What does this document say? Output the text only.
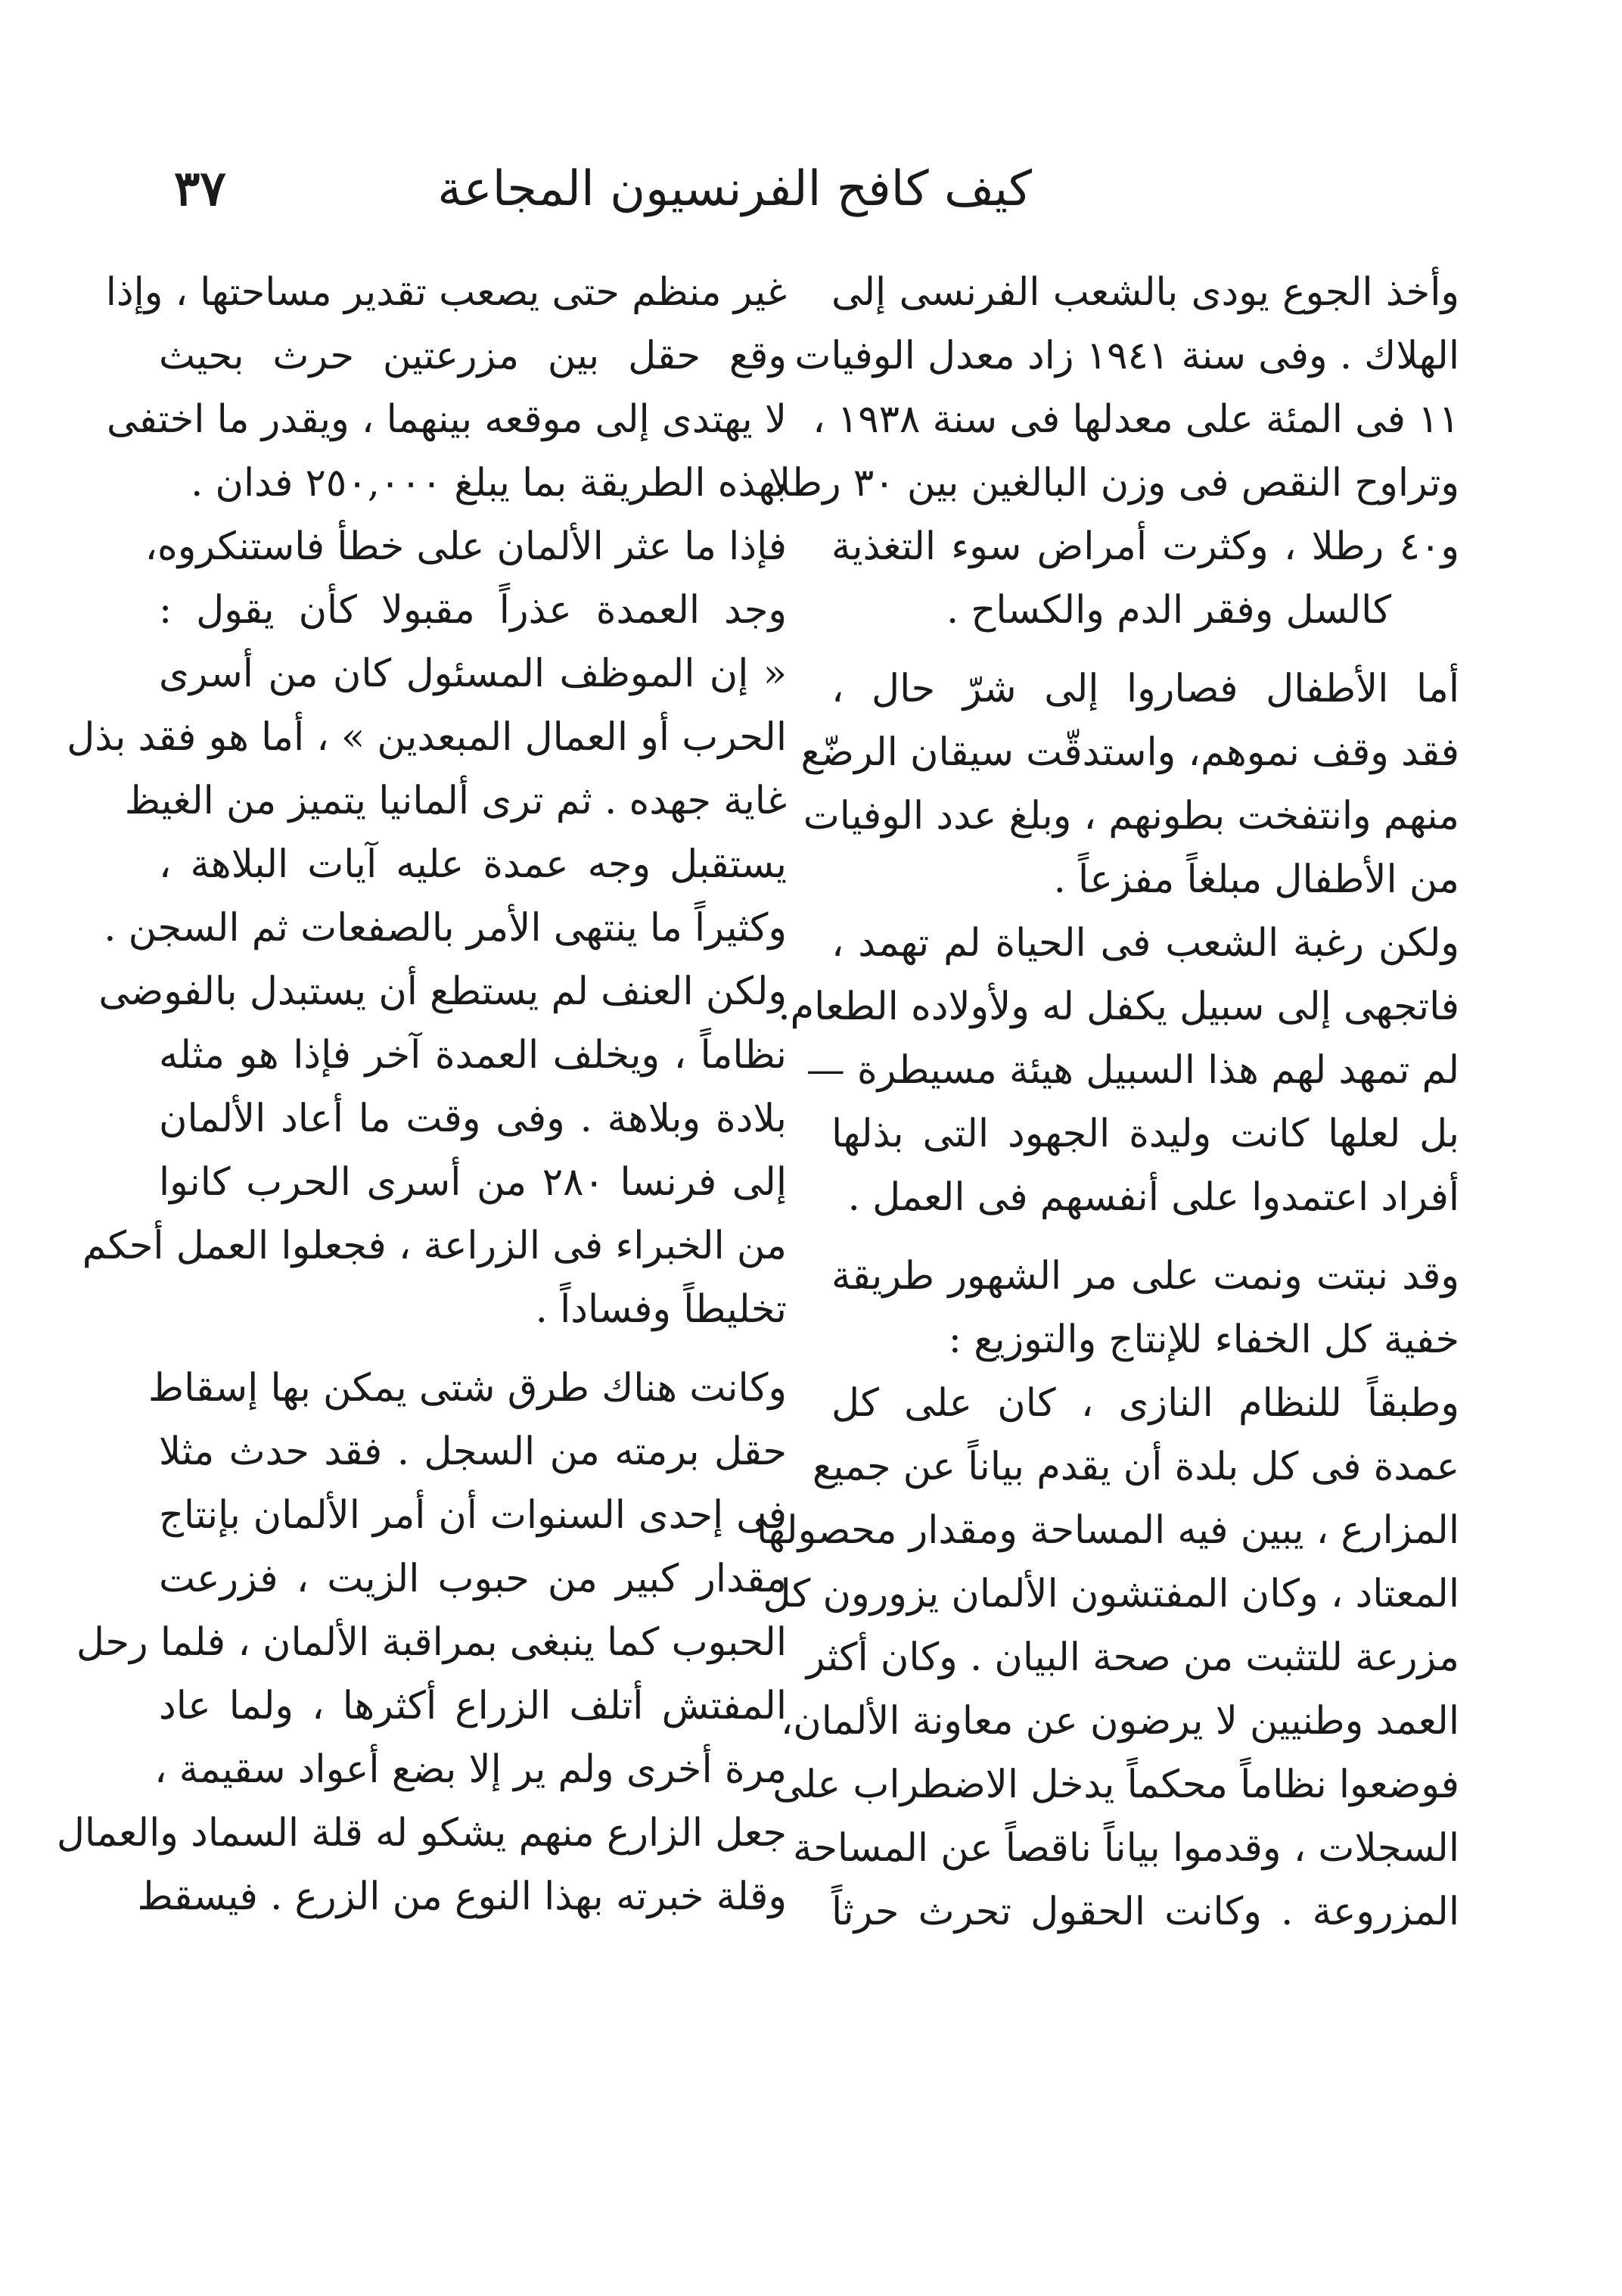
كيف كافح الفرنسيون المجاعة
٣٧
وأخذ الجوع يودى بالشعب الفرنسى إلى
الهلاك . وفى سنة ١٩٤١ زاد معدل الوفيات
١١ فى المئة على معدلها فى سنة ١٩٣٨ ،
وتراوح النقص فى وزن البالغين بين ٣٠ رطلا
و٤٠ رطلا ، وكثرت أمراض سوء التغذية
كالسل وفقر الدم والكساح .
أما الأطفال فصاروا إلى شرّ حال ،
فقد وقف نموهم، واستدقّت سيقان الرضّع
منهم وانتفخت بطونهم ، وبلغ عدد الوفيات
من الأطفال مبلغاً مفزعاً .
ولكن رغبة الشعب فى الحياة لم تهمد ،
فاتجهى إلى سبيل يكفل له ولأولاده الطعام.
لم تمهد لهم هذا السبيل هيئة مسيطرة —
بل لعلها كانت وليدة الجهود التى بذلها
أفراد اعتمدوا على أنفسهم فى العمل .
وقد نبتت ونمت على مر الشهور طريقة
خفية كل الخفاء للإنتاج والتوزيع :
وطبقاً للنظام النازى ، كان على كل
عمدة فى كل بلدة أن يقدم بياناً عن جميع
المزارع ، يبين فيه المساحة ومقدار محصولها
المعتاد ، وكان المفتشون الألمان يزورون كل
مزرعة للتثبت من صحة البيان . وكان أكثر
العمد وطنيين لا يرضون عن معاونة الألمان،
فوضعوا نظاماً محكماً يدخل الاضطراب على
السجلات ، وقدموا بياناً ناقصاً عن المساحة
المزروعة . وكانت الحقول تحرث حرثاً
غير منظم حتى يصعب تقدير مساحتها ، وإذا
وقع حقل بين مزرعتين حرث بحيث
لا يهتدى إلى موقعه بينهما ، ويقدر ما اختفى
بهذه الطريقة بما يبلغ ٢٥٠,٠٠٠ فدان .
فإذا ما عثر الألمان على خطأ فاستنكروه،
وجد العمدة عذراً مقبولا كأن يقول :
« إن الموظف المسئول كان من أسرى
الحرب أو العمال المبعدين » ، أما هو فقد بذل
غاية جهده . ثم ترى ألمانيا يتميز من الغيظ
يستقبل وجه عمدة عليه آيات البلاهة ،
وكثيراً ما ينتهى الأمر بالصفعات ثم السجن .
ولكن العنف لم يستطع أن يستبدل بالفوضى
نظاماً ، ويخلف العمدة آخر فإذا هو مثله
بلادة وبلاهة . وفى وقت ما أعاد الألمان
إلى فرنسا ٢٨٠ من أسرى الحرب كانوا
من الخبراء فى الزراعة ، فجعلوا العمل أحكم
تخليطاً وفساداً .
وكانت هناك طرق شتى يمكن بها إسقاط
حقل برمته من السجل . فقد حدث مثلا
فى إحدى السنوات أن أمر الألمان بإنتاج
مقدار كبير من حبوب الزيت ، فزرعت
الحبوب كما ينبغى بمراقبة الألمان ، فلما رحل
المفتش أتلف الزراع أكثرها ، ولما عاد
مرة أخرى ولم ير إلا بضع أعواد سقيمة ،
جعل الزارع منهم يشكو له قلة السماد والعمال
وقلة خبرته بهذا النوع من الزرع . فيسقط
